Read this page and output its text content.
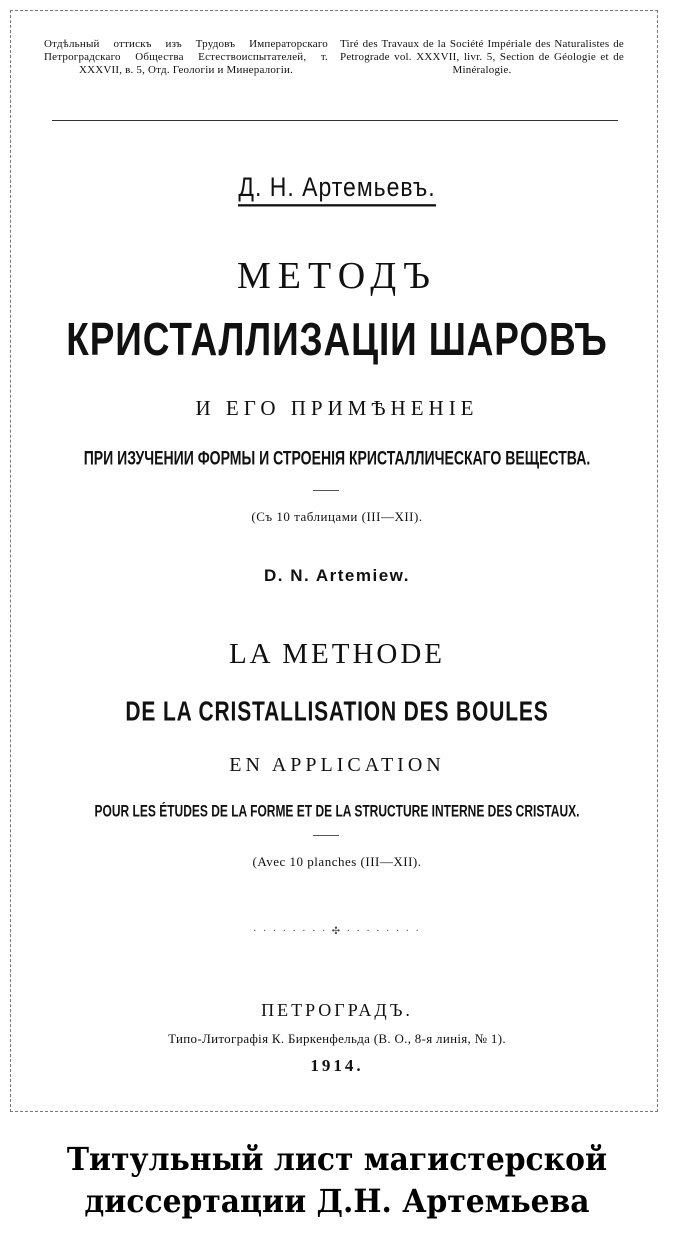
Отдѣльный оттискъ изъ Трудовъ Императорскаго Петроградскаго Общества Естествоиспытателей, т. XXXVII, в. 5, Отд. Геологіи и Минералогіи.
Tiré des Travaux de la Société Impériale des Naturalistes de Petrograde vol. XXXVII, livr. 5, Section de Géologie et de Minéralogie.
Д. Н. Артемьевъ.
МЕТОДЪ
КРИСТАЛЛИЗАЦІИ ШАРОВЪ
И ЕГО ПРИМѢНЕНІЕ
ПРИ ИЗУЧЕНИИ ФОРМЫ И СТРОЕНІЯ КРИСТАЛЛИЧЕСКАГО ВЕЩЕСТВА.
(Съ 10 таблицами (III—XII).
D. N. Artemiew.
LA METHODE
DE LA CRISTALLISATION DES BOULES
EN APPLICATION
POUR LES ÉTUDES DE LA FORME ET DE LA STRUCTURE INTERNE DES CRISTAUX.
(Avec 10 planches (III—XII).
· · · · · · · · ✣ · · · · · · · ·
ПЕТРОГРАДЪ.
Типо-Литографія К. Биркенфельда (В. О., 8-я линія, № 1).
1914.
Титульный лист магистерской
диссертации Д.Н. Артемьева
